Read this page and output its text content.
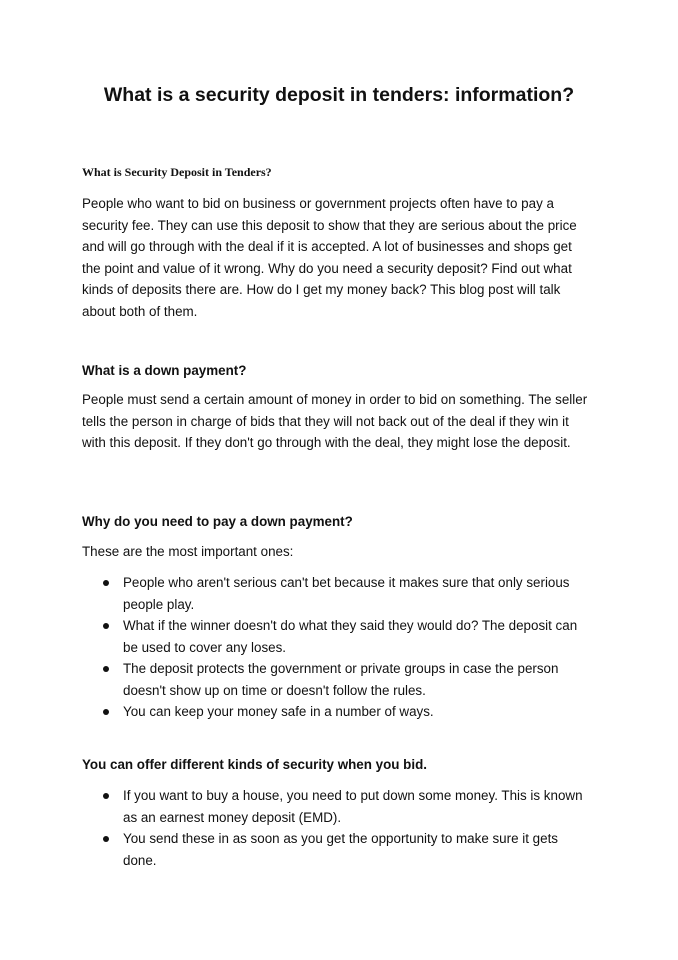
What is a security deposit in tenders: information?
What is Security Deposit in Tenders?
People who want to bid on business or government projects often have to pay a security fee. They can use this deposit to show that they are serious about the price and will go through with the deal if it is accepted. A lot of businesses and shops get the point and value of it wrong. Why do you need a security deposit? Find out what kinds of deposits there are. How do I get my money back? This blog post will talk about both of them.
What is a down payment?
People must send a certain amount of money in order to bid on something. The seller tells the person in charge of bids that they will not back out of the deal if they win it with this deposit. If they don't go through with the deal, they might lose the deposit.
Why do you need to pay a down payment?
These are the most important ones:
People who aren't serious can't bet because it makes sure that only serious people play.
What if the winner doesn't do what they said they would do? The deposit can be used to cover any loses.
The deposit protects the government or private groups in case the person doesn't show up on time or doesn't follow the rules.
You can keep your money safe in a number of ways.
You can offer different kinds of security when you bid.
If you want to buy a house, you need to put down some money. This is known as an earnest money deposit (EMD).
You send these in as soon as you get the opportunity to make sure it gets done.
